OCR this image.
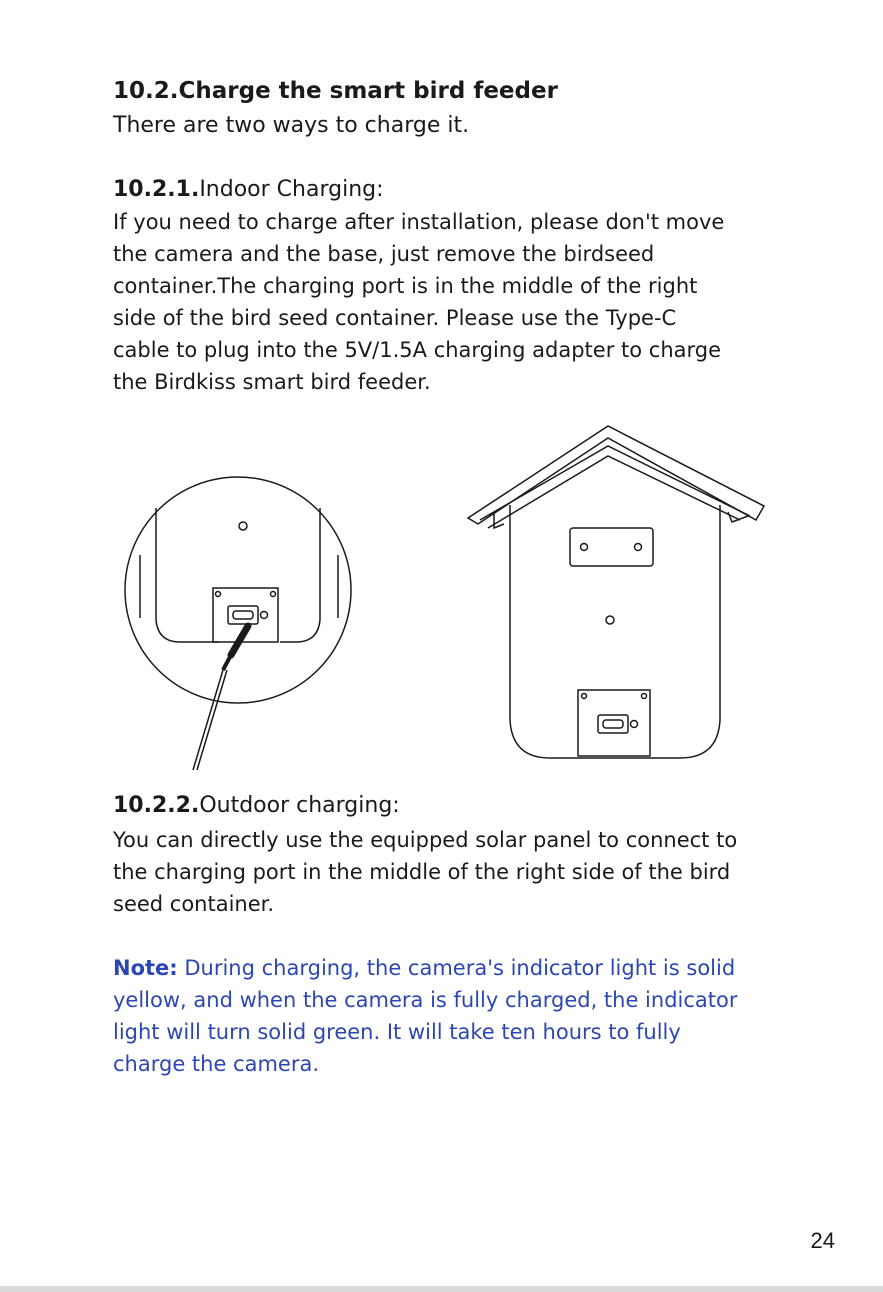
10.2.Charge the smart bird feeder
There are two ways to charge it.
10.2.1.Indoor Charging:
If you need to charge after installation, please don't move
the camera and the base, just remove the birdseed
container.The charging port is in the middle of the right
side of the bird seed container. Please use the Type-C
cable to plug into the 5V/1.5A charging adapter to charge
the Birdkiss smart bird feeder.
10.2.2.Outdoor charging:
You can directly use the equipped solar panel to connect to
the charging port in the middle of the right side of the bird
seed container.
Note: During charging, the camera's indicator light is solid
yellow, and when the camera is fully charged, the indicator
light will turn solid green. It will take ten hours to fully
charge the camera.
24
